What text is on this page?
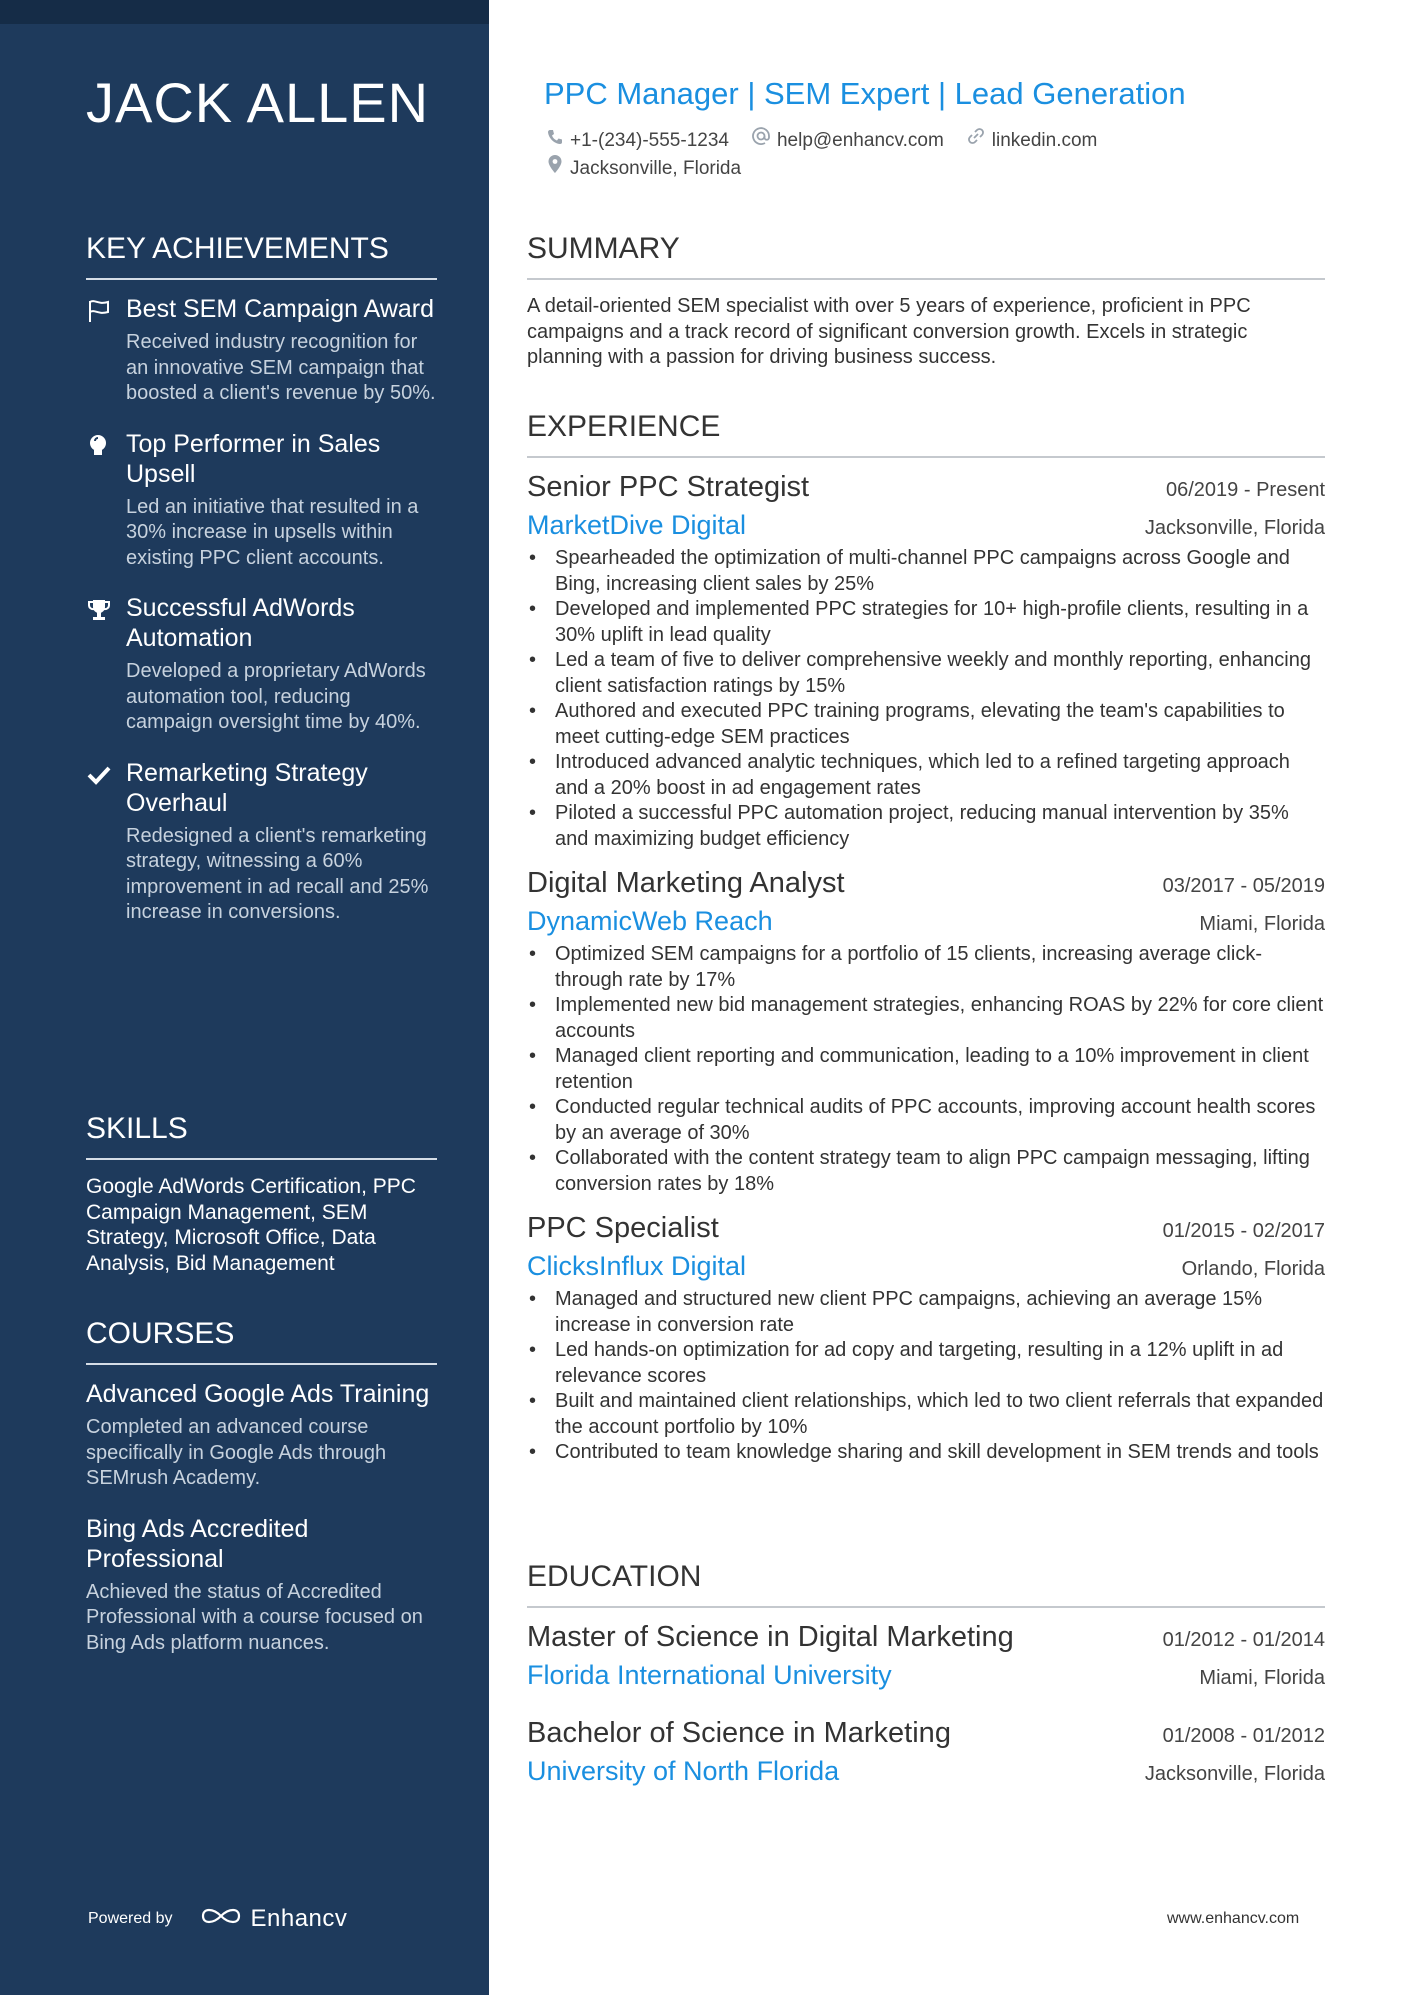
JACK ALLEN
KEY ACHIEVEMENTS
Best SEM Campaign Award
Received industry recognition for an innovative SEM campaign that boosted a client's revenue by 50%.
Top Performer in Sales Upsell
Led an initiative that resulted in a 30% increase in upsells within existing PPC client accounts.
Successful AdWords Automation
Developed a proprietary AdWords automation tool, reducing campaign oversight time by 40%.
Remarketing Strategy Overhaul
Redesigned a client's remarketing strategy, witnessing a 60% improvement in ad recall and 25% increase in conversions.
SKILLS
Google AdWords Certification, PPC Campaign Management, SEM Strategy, Microsoft Office, Data Analysis, Bid Management
COURSES
Advanced Google Ads Training
Completed an advanced course specifically in Google Ads through SEMrush Academy.
Bing Ads Accredited Professional
Achieved the status of Accredited Professional with a course focused on Bing Ads platform nuances.
Powered by	Enhancv
PPC Manager | SEM Expert | Lead Generation
+1-(234)-555-1234	help@enhancv.com	linkedin.com
Jacksonville, Florida
SUMMARY
A detail-oriented SEM specialist with over 5 years of experience, proficient in PPC campaigns and a track record of significant conversion growth. Excels in strategic planning with a passion for driving business success.
EXPERIENCE
Senior PPC Strategist	06/2019 - Present
MarketDive Digital	Jacksonville, Florida
• Spearheaded the optimization of multi-channel PPC campaigns across Google and Bing, increasing client sales by 25%
• Developed and implemented PPC strategies for 10+ high-profile clients, resulting in a 30% uplift in lead quality
• Led a team of five to deliver comprehensive weekly and monthly reporting, enhancing client satisfaction ratings by 15%
• Authored and executed PPC training programs, elevating the team's capabilities to meet cutting-edge SEM practices
• Introduced advanced analytic techniques, which led to a refined targeting approach and a 20% boost in ad engagement rates
• Piloted a successful PPC automation project, reducing manual intervention by 35% and maximizing budget efficiency
Digital Marketing Analyst	03/2017 - 05/2019
DynamicWeb Reach	Miami, Florida
• Optimized SEM campaigns for a portfolio of 15 clients, increasing average click-through rate by 17%
• Implemented new bid management strategies, enhancing ROAS by 22% for core client accounts
• Managed client reporting and communication, leading to a 10% improvement in client retention
• Conducted regular technical audits of PPC accounts, improving account health scores by an average of 30%
• Collaborated with the content strategy team to align PPC campaign messaging, lifting conversion rates by 18%
PPC Specialist	01/2015 - 02/2017
ClicksInflux Digital	Orlando, Florida
• Managed and structured new client PPC campaigns, achieving an average 15% increase in conversion rate
• Led hands-on optimization for ad copy and targeting, resulting in a 12% uplift in ad relevance scores
• Built and maintained client relationships, which led to two client referrals that expanded the account portfolio by 10%
• Contributed to team knowledge sharing and skill development in SEM trends and tools
EDUCATION
Master of Science in Digital Marketing	01/2012 - 01/2014
Florida International University	Miami, Florida
Bachelor of Science in Marketing	01/2008 - 01/2012
University of North Florida	Jacksonville, Florida
www.enhancv.com
